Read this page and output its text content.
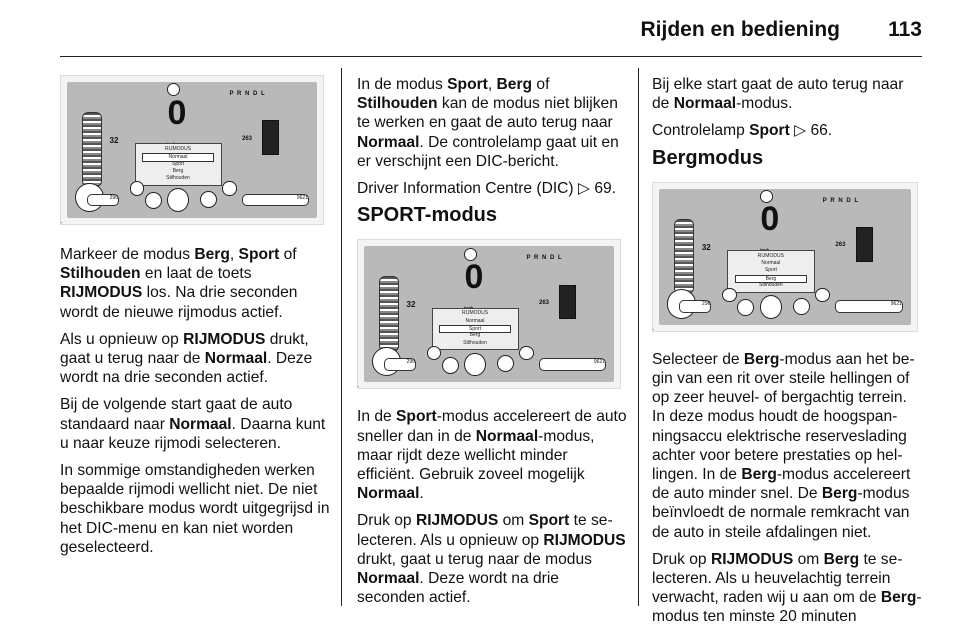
Rijden en bediening 113
.
32
P R N D L
0
RIJMODUS
Normaal
Sport
Berg
Stilhouden
263
296	9621

Markeer de modus Berg, Sport of Stilhouden en laat de toets RIJMODUS los. Na drie seconden wordt de nieuwe rijmodus actief.

Als u opnieuw op RIJMODUS drukt, gaat u terug naar de Normaal. Deze wordt na drie seconden actief.

Bij de volgende start gaat de auto standaard naar Normaal. Daarna kunt u naar keuze rijmodi selecteren.

In sommige omstandigheden werken bepaalde rijmodi wellicht niet. De niet beschikbare modus wordt uitgegrijsd in het DIC-menu en kan niet worden geselecteerd.

In de modus Sport, Berg of Stilhouden kan de modus niet blijken te werken en gaat de auto terug naar Normaal. De controlelamp gaat uit en er verschijnt een DIC-bericht.

Driver Information Centre (DIC) ▷ 69.

SPORT-modus
.
32
P R N D L
0
RIJMODUS
Normaal
Sport
Berg
Stilhouden
263
296	9621

In de Sport-modus accelereert de auto sneller dan in de Normaal-modus, maar rijdt deze wellicht minder efficiënt. Gebruik zoveel mogelijk Normaal.

Druk op RIJMODUS om Sport te selecteren. Als u opnieuw op RIJMODUS drukt, gaat u terug naar de modus Normaal. Deze wordt na drie seconden actief.

Bij elke start gaat de auto terug naar de Normaal-modus.

Controlelamp Sport ▷ 66.

Bergmodus
.
32
P R N D L
0
RIJMODUS
Normaal
Sport
Berg
Stilhouden
263
296	9621

Selecteer de Berg-modus aan het begin van een rit over steile hellingen of op zeer heuvel- of bergachtig terrein. In deze modus houdt de hoogspanningsaccu elektrische reserveslading achter voor betere prestaties op hellingen. In de Berg-modus accelereert de auto minder snel. De Berg-modus beïnvloedt de normale remkracht van de auto in steile afdalingen niet.

Druk op RIJMODUS om Berg te selecteren. Als u heuvelachtig terrein verwacht, raden wij u aan om de Berg-modus ten minste 20 minuten
